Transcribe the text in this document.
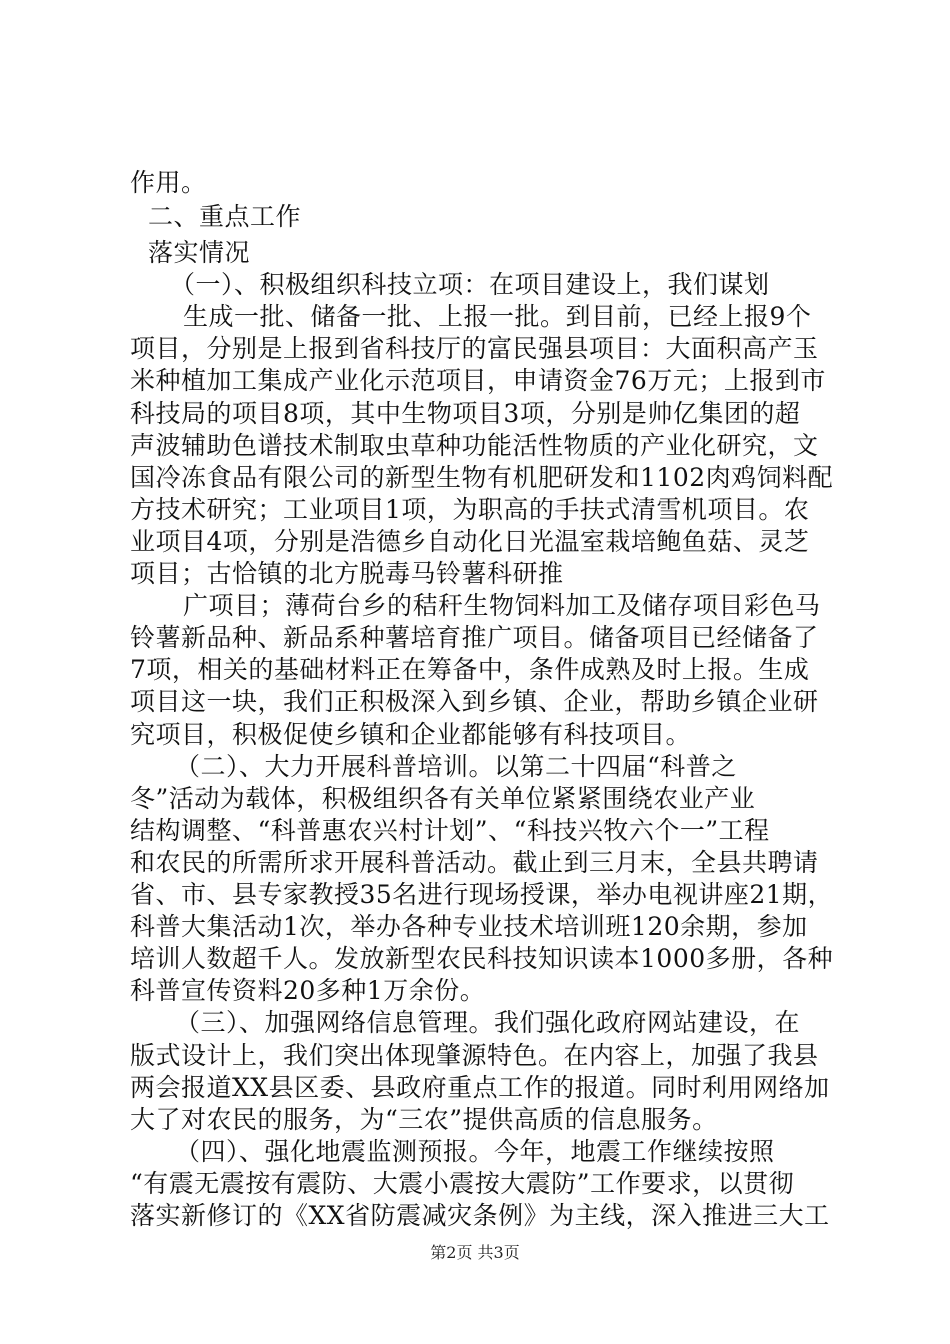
作用。
二、重点工作
落实情况
（一）、积极组织科技立项：在项目建设上，我们谋划
生成一批、储备一批、上报一批。到目前，已经上报9个
项目，分别是上报到省科技厅的富民强县项目：大面积高产玉
米种植加工集成产业化示范项目，申请资金76万元；上报到市
科技局的项目8项，其中生物项目3项，分别是帅亿集团的超
声波辅助色谱技术制取虫草种功能活性物质的产业化研究，文
国冷冻食品有限公司的新型生物有机肥研发和1102肉鸡饲料配
方技术研究；工业项目1项，为职高的手扶式清雪机项目。农
业项目4项，分别是浩德乡自动化日光温室栽培鲍鱼菇、灵芝
项目；古恰镇的北方脱毒马铃薯科研推
广项目；薄荷台乡的秸秆生物饲料加工及储存项目彩色马
铃薯新品种、新品系种薯培育推广项目。储备项目已经储备了
7项，相关的基础材料正在筹备中，条件成熟及时上报。生成
项目这一块，我们正积极深入到乡镇、企业，帮助乡镇企业研
究项目，积极促使乡镇和企业都能够有科技项目。
（二）、大力开展科普培训。以第二十四届“科普之
冬”活动为载体，积极组织各有关单位紧紧围绕农业产业
结构调整、“科普惠农兴村计划”、“科技兴牧六个一”工程
和农民的所需所求开展科普活动。截止到三月末，全县共聘请
省、市、县专家教授35名进行现场授课，举办电视讲座21期，
科普大集活动1次，举办各种专业技术培训班120余期，参加
培训人数超千人。发放新型农民科技知识读本1000多册，各种
科普宣传资料20多种1万余份。
（三）、加强网络信息管理。我们强化政府网站建设，在
版式设计上，我们突出体现肇源特色。在内容上，加强了我县
两会报道XX县区委、县政府重点工作的报道。同时利用网络加
大了对农民的服务，为“三农”提供高质的信息服务。
（四）、强化地震监测预报。今年，地震工作继续按照
“有震无震按有震防、大震小震按大震防”工作要求，以贯彻
落实新修订的《XX省防震减灾条例》为主线，深入推进三大工
第2页 共3页
